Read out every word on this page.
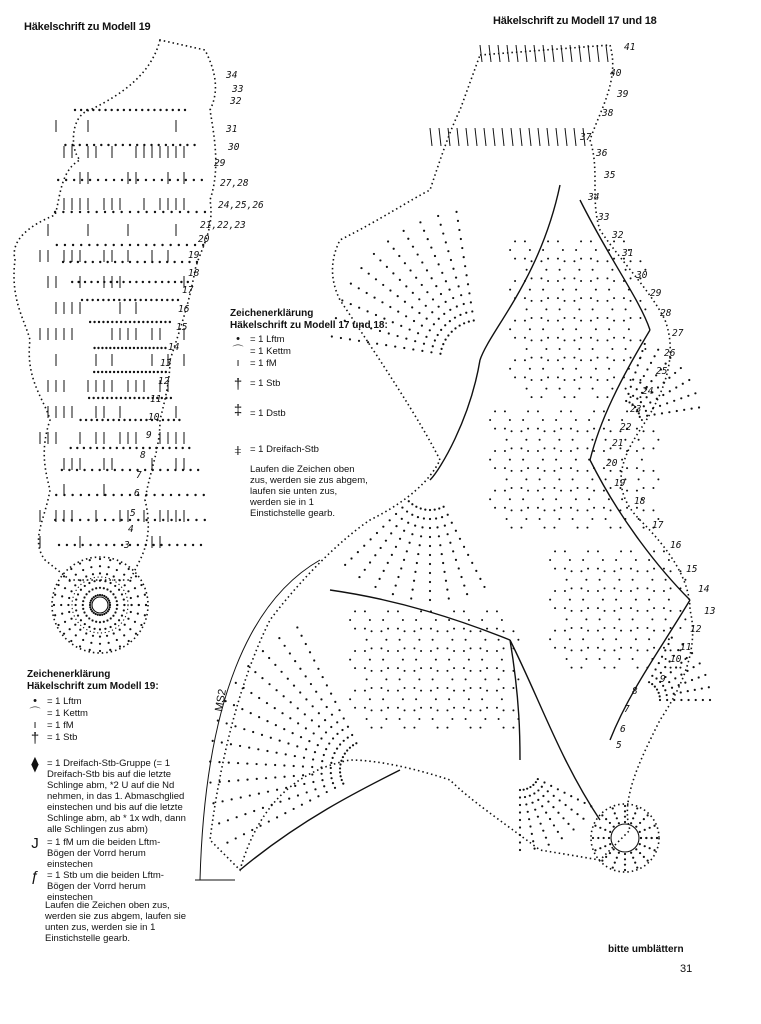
34
33
32
31
30
29
27,28
24,25,26
21,22,23
20
19
18
17
16
15
14
13
12
11
10
9
8
7
6
5
4
3
41
40
39
38
37
36
35
34
33
32
31
30
29
28
27
26
25
24
23
22
21
20
19
18
17
16
15
14
13
12
11
10
9
8
7
6
5
MS2
Häkelschrift zu Modell 19	Häkelschrift zu Modell 17 und 18
Zeichenerklärung
Häkelschrift zu Modell 17 und 18:
•	= 1 Lftm
⌒ = 1 Kettm
ı	= 1 fM
† = 1 Stb
‡ = 1 Dstb
⧧ = 1 Dreifach-Stb
Laufen die Zeichen oben zus, werden sie zus abgem, laufen sie unten zus, werden sie in 1 Einstichstelle gearb.
Zeichenerklärung
Häkelschrift zum Modell 19:
•	= 1 Lftm
⌒ = 1 Kettm
ı	= 1 fM
† = 1 Stb
⧫ = 1 Dreifach-Stb-Gruppe (= 1 Dreifach-Stb bis auf die letzte Schlinge abm, *2 U auf die Nd nehmen, in das 1. Abmaschglied einstechen und bis auf die letzte Schlinge abm, ab * 1x wdh, dann alle Schlingen zus abm)
J = 1 fM um die beiden Lftm-Bögen der Vorrd herum einstechen
ƒ = 1 Stb um die beiden Lftm-Bögen der Vorrd herum einstechen
Laufen die Zeichen oben zus, werden sie zus abgem, laufen sie unten zus, werden sie in 1 Einstichstelle gearb.
bitte umblättern
31
